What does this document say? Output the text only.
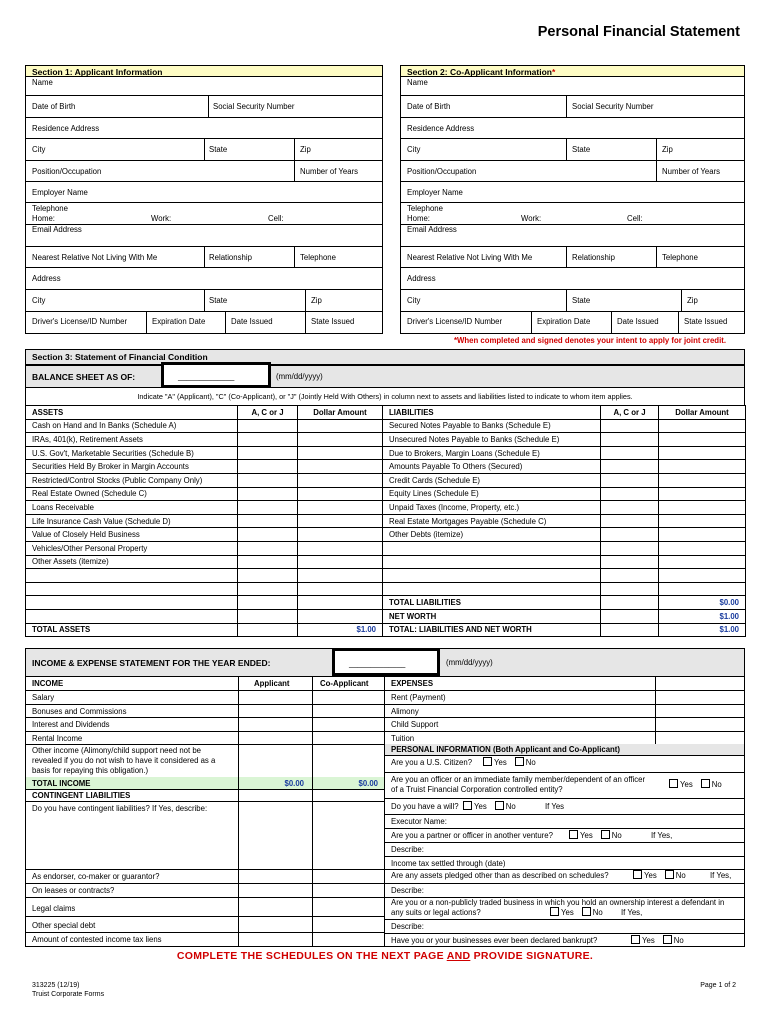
Personal Financial Statement
Section 1: Applicant Information
Name
Date of Birth	Social Security Number
Residence Address
City	State	Zip
Position/Occupation	Number of Years
Employer Name
Telephone
Home:	Work:	Cell:
Email Address
Nearest Relative Not Living With Me	Relationship	Telephone
Address
City	State	Zip
Driver's License/ID Number	Expiration Date	Date Issued	State Issued
Section 2: Co-Applicant Information*
Name
Date of Birth	Social Security Number
Residence Address
City	State	Zip
Position/Occupation	Number of Years
Employer Name
Telephone
Home:	Work:	Cell:
Email Address
Nearest Relative Not Living With Me	Relationship	Telephone
Address
City	State	Zip
Driver's License/ID Number	Expiration Date	Date Issued	State Issued
*When completed and signed denotes your intent to apply for joint credit.
Section 3: Statement of Financial Condition
BALANCE SHEET AS OF:	(mm/dd/yyyy)
_____________
Indicate "A" (Applicant), "C" (Co-Applicant), or "J" (Jointly Held With Others) in column next to assets and liabilities listed to indicate to whom item applies.
ASSETS	A, C or J	Dollar Amount	LIABILITIES	A, C or J	Dollar Amount
Cash on Hand and In Banks (Schedule A)			Secured Notes Payable to Banks (Schedule E)		
IRAs, 401(k), Retirement Assets			Unsecured Notes Payable to Banks (Schedule E)		
U.S. Gov't, Marketable Securities (Schedule B)			Due to Brokers, Margin Loans (Schedule E)		
Securities Held By Broker in Margin Accounts			Amounts Payable To Others (Secured)		
Restricted/Control Stocks (Public Company Only)			Credit Cards (Schedule E)		
Real Estate Owned (Schedule C)			Equity Lines (Schedule E)		
Loans Receivable			Unpaid Taxes (Income, Property, etc.)		
Life Insurance Cash Value (Schedule D)			Real Estate Mortgages Payable (Schedule C)		
Value of Closely Held Business			Other Debts (itemize)		
Vehicles/Other Personal Property					
Other Assets (itemize)					

			TOTAL LIABILITIES		$0.00
			NET WORTH		$1.00
TOTAL ASSETS		$1.00	TOTAL: LIABILITIES AND NET WORTH		$1.00
INCOME & EXPENSE STATEMENT FOR THE YEAR ENDED:	(mm/dd/yyyy)
_____________
INCOME	Applicant	Co-Applicant
Salary
Bonuses and Commissions
Interest and Dividends
Rental Income
Other income (Alimony/child support need not be revealed if you do not wish to have it considered as a basis for repaying this obligation.)
TOTAL INCOME	$0.00	$0.00
CONTINGENT LIABILITIES
Do you have contingent liabilities? If Yes, describe:
As endorser, co-maker or guarantor?
On leases or contracts?
Legal claims
Other special debt
Amount of contested income tax liens
EXPENSES
Rent (Payment)
Alimony
Child Support
Tuition
PERSONAL INFORMATION (Both Applicant and Co-Applicant)
Are you a U.S. Citizen?	Yes No
Are you an officer or an immediate family member/dependent of an officer of a Truist Financial Corporation controlled entity?
Yes No
Do you have a will?	Yes No	If Yes
Executor Name:
Are you a partner or officer in another venture?	Yes No	If Yes,
Describe:
Income tax settled through (date)
Are any assets pledged other than as described on schedules?	Yes No	If Yes,
Describe:
Are you or a non-publicly traded business in which you hold an ownership interest a defendant in any suits or legal actions?	Yes No If Yes,
Describe:
Have you or your businesses ever been declared bankrupt?	Yes No
COMPLETE THE SCHEDULES ON THE NEXT PAGE AND PROVIDE SIGNATURE.
313225 (12/19)
Truist Corporate Forms
Page 1 of 2
